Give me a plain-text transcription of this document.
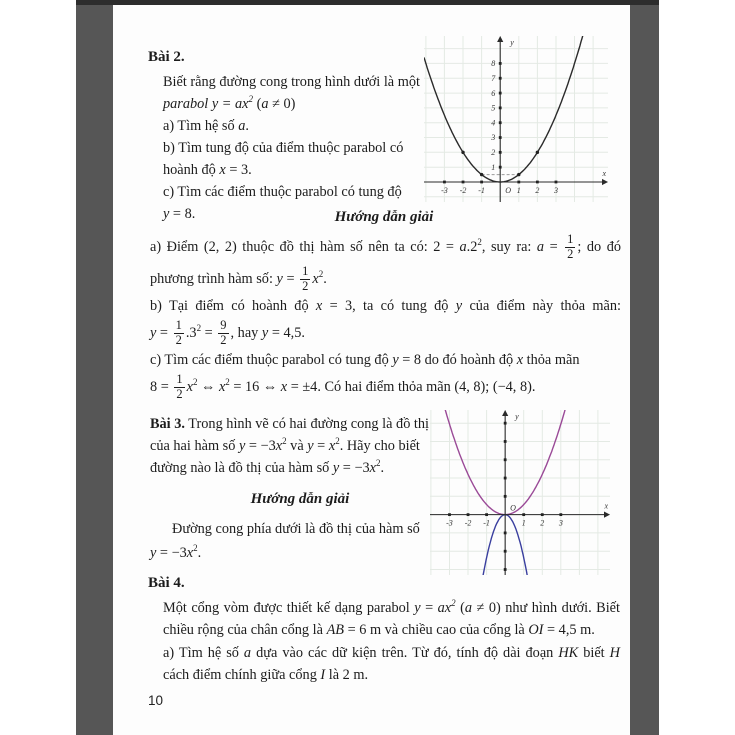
Bài 2.
Biết rằng đường cong trong hình dưới là một
parabol $y = ax^2$ (a ≠ 0)
a) Tìm hệ số a.
b) Tìm tung độ của điểm thuộc parabol có
hoành độ x = 3.
c) Tìm các điểm thuộc parabol có tung độ
y = 8.
-3 -2 -1	1 2 3
1
2
3
4
5
6
7
8
O
y
x
Hướng dẫn giải
a) Điểm (2, 2) thuộc đồ thị hàm số nên ta có: $2 = a.2^2$, suy ra: $a = \frac{1}{2}$ ; do đó
phương trình hàm số: $y = \frac{1}{2} x^2$.
b) Tại điểm có hoành độ x = 3, ta có tung độ y của điểm này thỏa mãn:
$y = \frac{1}{2} .3^2 = \frac{9}{2}$ , hay y = 4,5.
c) Tìm các điểm thuộc parabol có tung độ y = 8 do đó hoành độ x thỏa mãn
$8 = \frac{1}{2} x^2$ ⇔ $x^2 = 16$ ⇔ x = ±4. Có hai điểm thỏa mãn (4, 8); (−4, 8).
Bài 3. Trong hình vẽ có hai đường cong là đồ thị
của hai hàm số $y = -3x^2$ và $y = x^2$. Hãy cho biết
đường nào là đồ thị của hàm số $y = -3x^2$.
Hướng dẫn giải
Đường cong phía dưới là đồ thị của hàm số
$y = -3x^2$.
-3 -2 -1	1 2 3
O
y
x
Bài 4.
Một cổng vòm được thiết kế dạng parabol $y = ax^2$ (a ≠ 0) như hình dưới. Biết
chiều rộng của chân cổng là AB = 6 m và chiều cao của cổng là OI = 4,5 m.
a) Tìm hệ số a dựa vào các dữ kiện trên. Từ đó, tính độ dài đoạn HK biết H
cách điểm chính giữa cổng I là 2 m.
10
